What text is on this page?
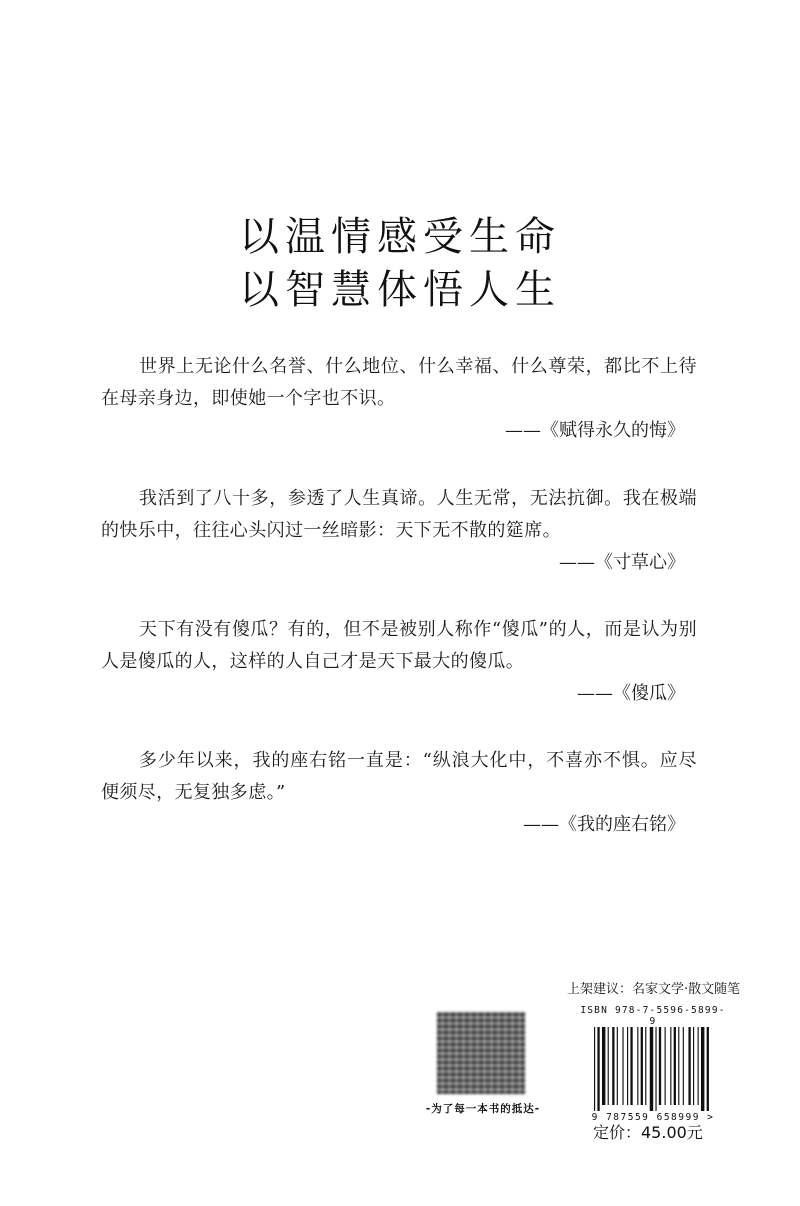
以温情感受生命
以智慧体悟人生
世界上无论什么名誉、什么地位、什么幸福、什么尊荣，都比不上待在母亲身边，即使她一个字也不识。
——《赋得永久的悔》
我活到了八十多，参透了人生真谛。人生无常，无法抗御。我在极端的快乐中，往往心头闪过一丝暗影：天下无不散的筵席。
——《寸草心》
天下有没有傻瓜？有的，但不是被别人称作“傻瓜”的人，而是认为别人是傻瓜的人，这样的人自己才是天下最大的傻瓜。
——《傻瓜》
多少年以来，我的座右铭一直是：“纵浪大化中，不喜亦不惧。应尽便须尽，无复独多虑。”
——《我的座右铭》
上架建议：名家文学·散文随笔
-为了每一本书的抵达-
ISBN 978-7-5596-5899-9
9 787559 658999 >
定价：45.00元
